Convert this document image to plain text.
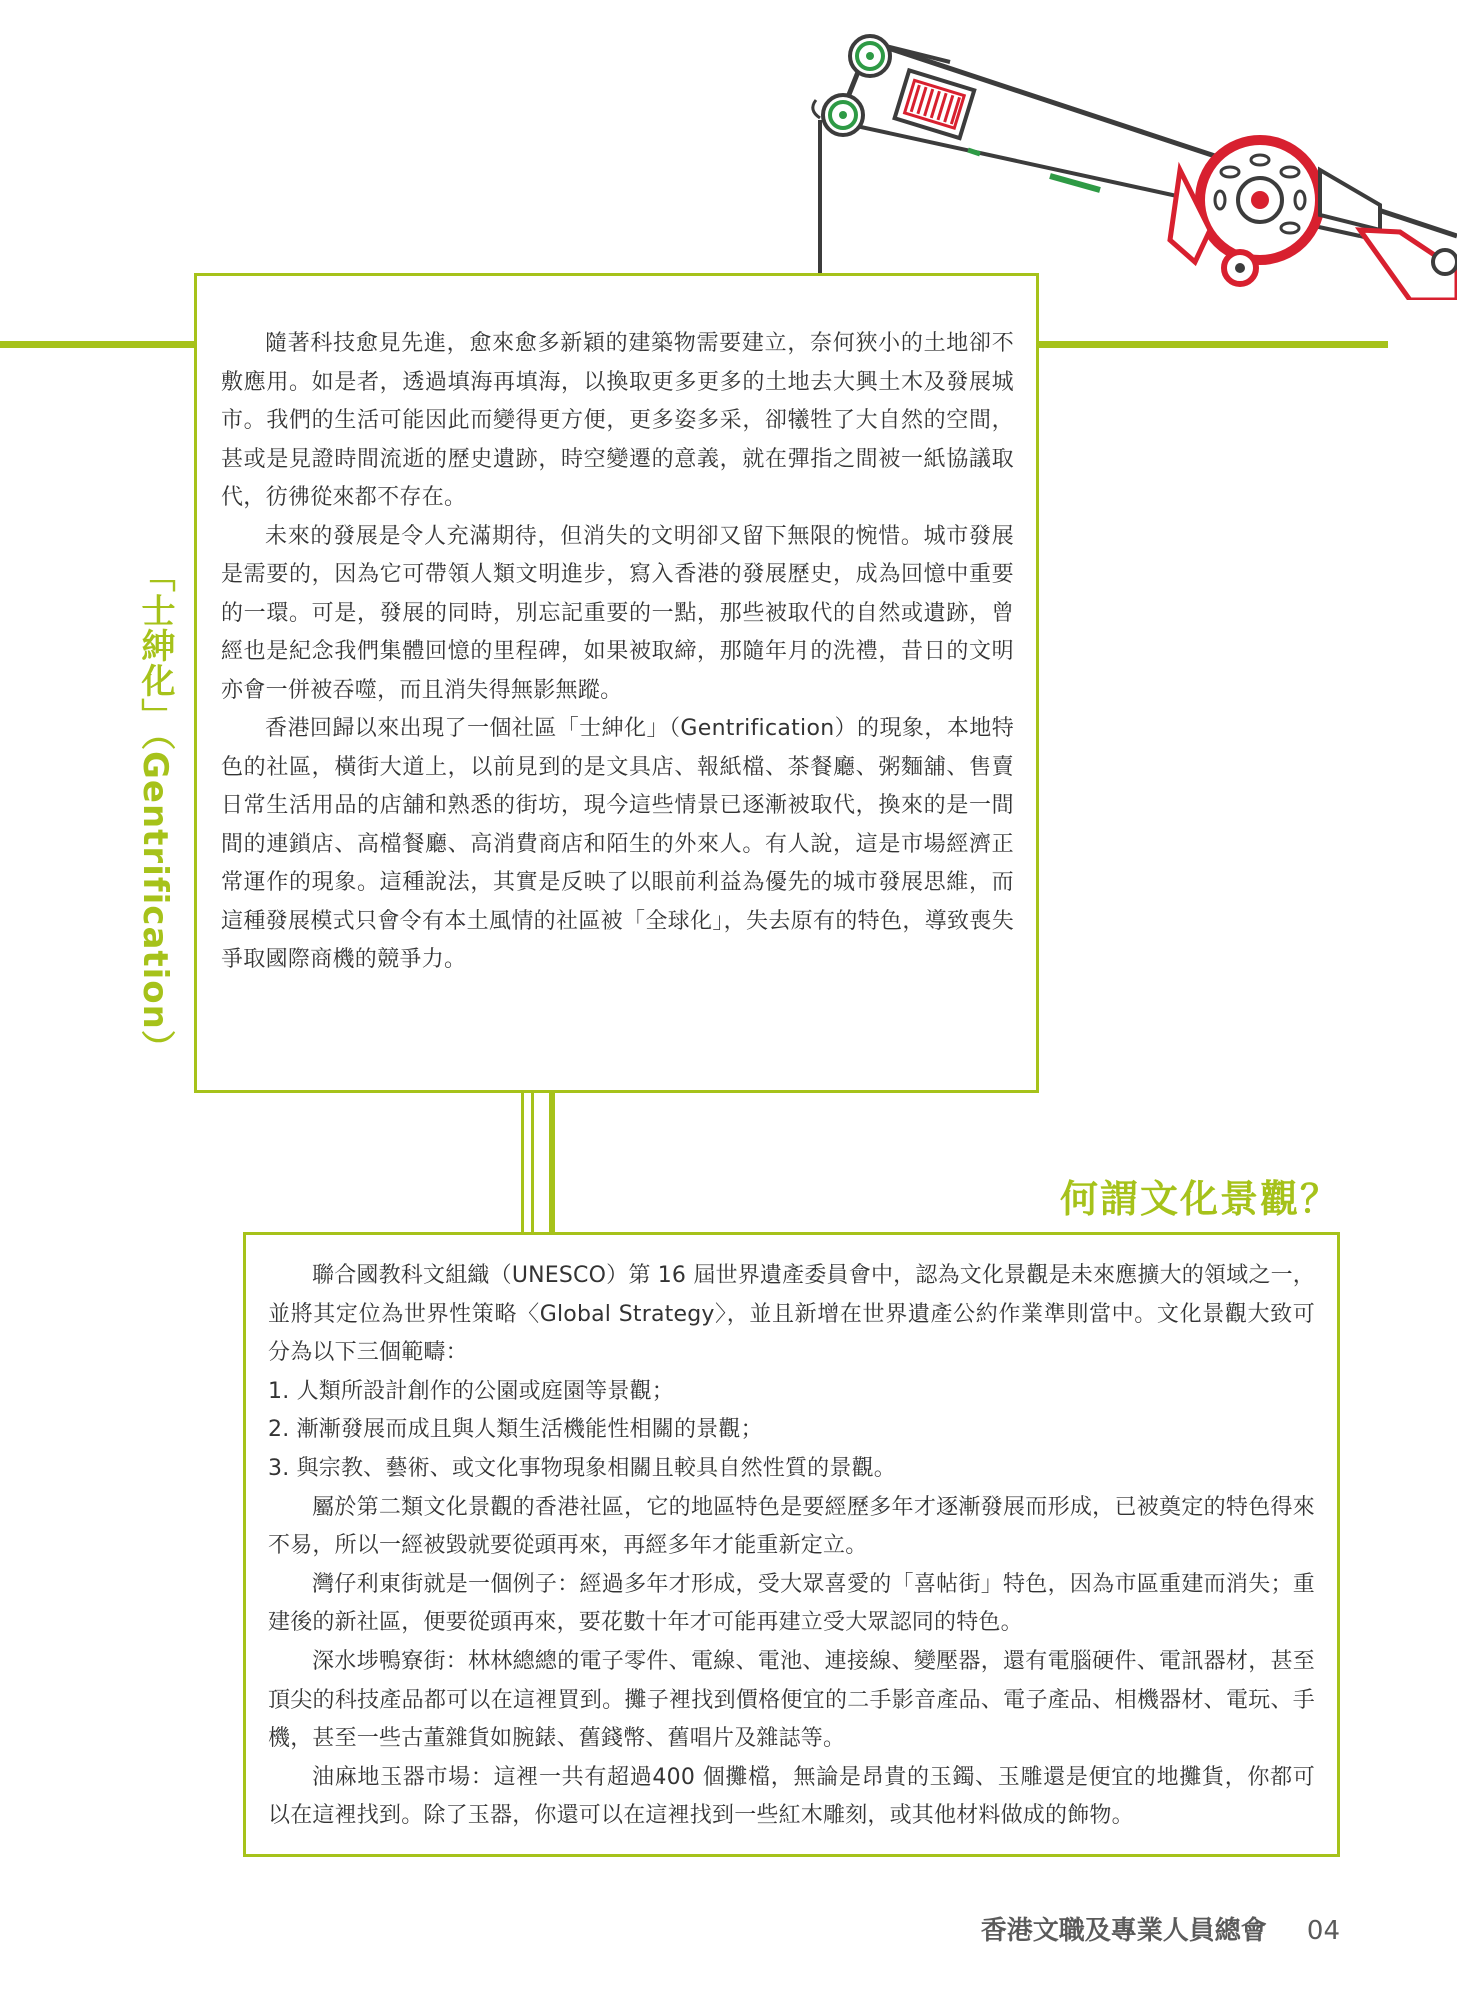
「士紳化」（Gentrification）

隨著科技愈見先進，愈來愈多新穎的建築物需要建立，奈何狹小的土地卻不敷應用。如是者，透過填海再填海，以換取更多更多的土地去大興土木及發展城市。我們的生活可能因此而變得更方便，更多姿多采，卻犧牲了大自然的空間，甚或是見證時間流逝的歷史遺跡，時空變遷的意義，就在彈指之間被一紙協議取代，彷彿從來都不存在。

未來的發展是令人充滿期待，但消失的文明卻又留下無限的惋惜。城市發展是需要的，因為它可帶領人類文明進步，寫入香港的發展歷史，成為回憶中重要的一環。可是，發展的同時，別忘記重要的一點，那些被取代的自然或遺跡，曾經也是紀念我們集體回憶的里程碑，如果被取締，那隨年月的洗禮，昔日的文明亦會一併被吞噬，而且消失得無影無蹤。

香港回歸以來出現了一個社區「士紳化」（Gentrification）的現象，本地特色的社區，橫街大道上，以前見到的是文具店、報紙檔、茶餐廳、粥麵舖、售賣日常生活用品的店舖和熟悉的街坊，現今這些情景已逐漸被取代，換來的是一間間的連鎖店、高檔餐廳、高消費商店和陌生的外來人。有人說，這是市場經濟正常運作的現象。這種說法，其實是反映了以眼前利益為優先的城市發展思維，而這種發展模式只會令有本土風情的社區被「全球化」，失去原有的特色，導致喪失爭取國際商機的競爭力。

何謂文化景觀？

聯合國教科文組織（UNESCO）第 16 屆世界遺產委員會中，認為文化景觀是未來應擴大的領域之一，並將其定位為世界性策略〈Global Strategy〉，並且新增在世界遺產公約作業準則當中。文化景觀大致可分為以下三個範疇：

1. 人類所設計創作的公園或庭園等景觀；

2. 漸漸發展而成且與人類生活機能性相關的景觀；

3. 與宗教、藝術、或文化事物現象相關且較具自然性質的景觀。

屬於第二類文化景觀的香港社區，它的地區特色是要經歷多年才逐漸發展而形成，已被奠定的特色得來不易，所以一經被毀就要從頭再來，再經多年才能重新定立。

灣仔利東街就是一個例子：經過多年才形成，受大眾喜愛的「喜帖街」特色，因為市區重建而消失；重建後的新社區，便要從頭再來，要花數十年才可能再建立受大眾認同的特色。

深水埗鴨寮街：林林總總的電子零件、電線、電池、連接線、變壓器，還有電腦硬件、電訊器材，甚至頂尖的科技產品都可以在這裡買到。攤子裡找到價格便宜的二手影音產品、電子產品、相機器材、電玩、手機，甚至一些古董雜貨如腕錶、舊錢幣、舊唱片及雜誌等。

油麻地玉器市場：這裡一共有超過400 個攤檔，無論是昂貴的玉鐲、玉雕還是便宜的地攤貨，你都可以在這裡找到。除了玉器，你還可以在這裡找到一些紅木雕刻，或其他材料做成的飾物。

香港文職及專業人員總會 04
